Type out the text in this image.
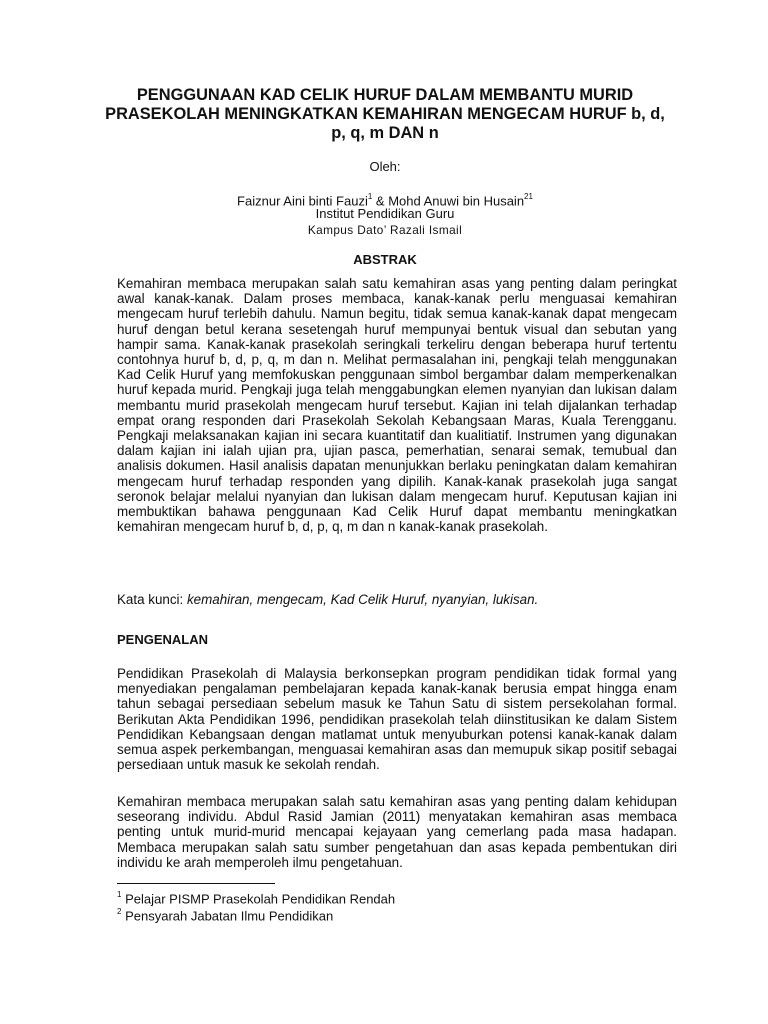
PENGGUNAAN KAD CELIK HURUF DALAM MEMBANTU MURID PRASEKOLAH MENINGKATKAN KEMAHIRAN MENGECAM HURUF b, d, p, q, m DAN n
Oleh:
Faiznur Aini binti Fauzi$^1$ & Mohd Anuwi bin Husain$^{21}$
Institut Pendidikan Guru
Kampus Dato’ Razali Ismail
ABSTRAK

Kemahiran membaca merupakan salah satu kemahiran asas yang penting dalam peringkat awal kanak-kanak. Dalam proses membaca, kanak-kanak perlu menguasai kemahiran mengecam huruf terlebih dahulu. Namun begitu, tidak semua kanak-kanak dapat mengecam huruf dengan betul kerana sesetengah huruf mempunyai bentuk visual dan sebutan yang hampir sama. Kanak-kanak prasekolah seringkali terkeliru dengan beberapa huruf tertentu contohnya huruf b, d, p, q, m dan n. Melihat permasalahan ini, pengkaji telah menggunakan Kad Celik Huruf yang memfokuskan penggunaan simbol bergambar dalam memperkenalkan huruf kepada murid. Pengkaji juga telah menggabungkan elemen nyanyian dan lukisan dalam membantu murid prasekolah mengecam huruf tersebut. Kajian ini telah dijalankan terhadap empat orang responden dari Prasekolah Sekolah Kebangsaan Maras, Kuala Terengganu. Pengkaji melaksanakan kajian ini secara kuantitatif dan kualitiatif. Instrumen yang digunakan dalam kajian ini ialah ujian pra, ujian pasca, pemerhatian, senarai semak, temubual dan analisis dokumen. Hasil analisis dapatan menunjukkan berlaku peningkatan dalam kemahiran mengecam huruf terhadap responden yang dipilih. Kanak-kanak prasekolah juga sangat seronok belajar melalui nyanyian dan lukisan dalam mengecam huruf. Keputusan kajian ini membuktikan bahawa penggunaan Kad Celik Huruf dapat membantu meningkatkan kemahiran mengecam huruf b, d, p, q, m dan n kanak-kanak prasekolah.

Kata kunci: kemahiran, mengecam, Kad Celik Huruf, nyanyian, lukisan.

PENGENALAN

Pendidikan Prasekolah di Malaysia berkonsepkan program pendidikan tidak formal yang menyediakan pengalaman pembelajaran kepada kanak-kanak berusia empat hingga enam tahun sebagai persediaan sebelum masuk ke Tahun Satu di sistem persekolahan formal. Berikutan Akta Pendidikan 1996, pendidikan prasekolah telah diinstitusikan ke dalam Sistem Pendidikan Kebangsaan dengan matlamat untuk menyuburkan potensi kanak-kanak dalam semua aspek perkembangan, menguasai kemahiran asas dan memupuk sikap positif sebagai persediaan untuk masuk ke sekolah rendah.

Kemahiran membaca merupakan salah satu kemahiran asas yang penting dalam kehidupan seseorang individu. Abdul Rasid Jamian (2011) menyatakan kemahiran asas membaca penting untuk murid-murid mencapai kejayaan yang cemerlang pada masa hadapan. Membaca merupakan salah satu sumber pengetahuan dan asas kepada pembentukan diri individu ke arah memperoleh ilmu pengetahuan.

$^1$ Pelajar PISMP Prasekolah Pendidikan Rendah
$^2$ Pensyarah Jabatan Ilmu Pendidikan
